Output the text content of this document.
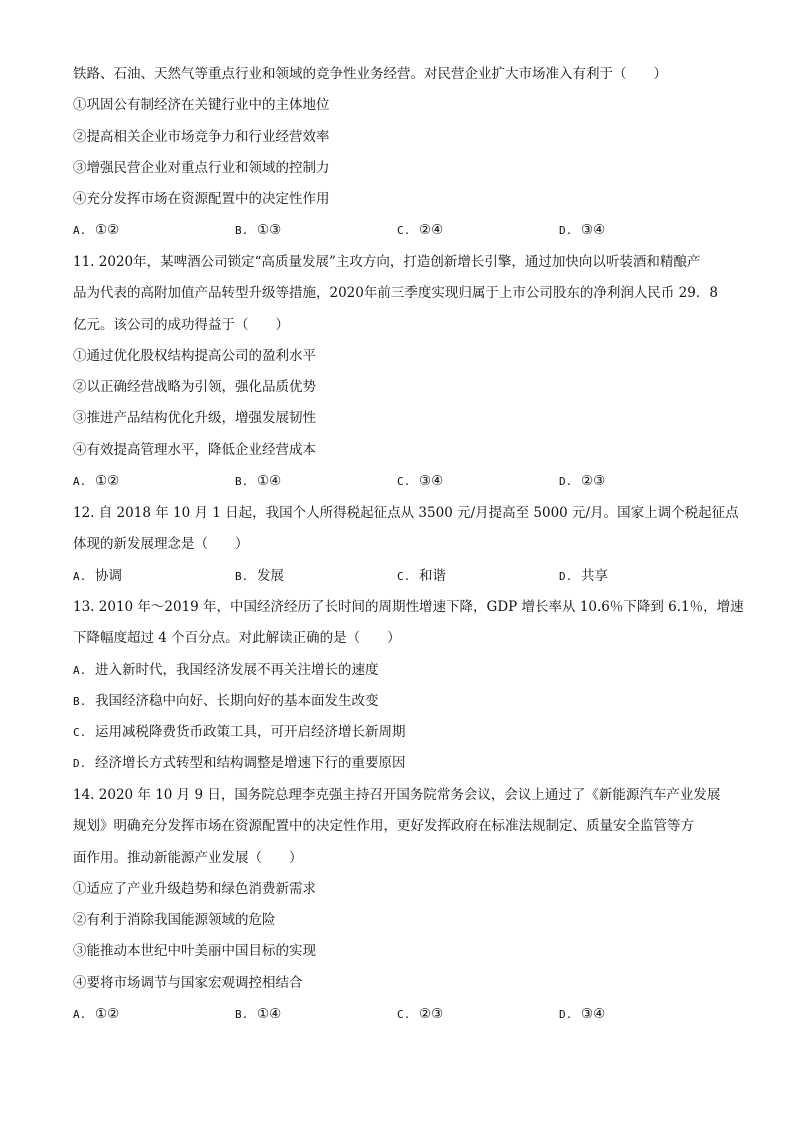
铁路、石油、天然气等重点行业和领域的竞争性业务经营。对民营企业扩大市场准入有利于（　　）
①巩固公有制经济在关键行业中的主体地位
②提高相关企业市场竞争力和行业经营效率
③增强民营企业对重点行业和领域的控制力
④充分发挥市场在资源配置中的决定性作用
A. ①②	B. ①③	C. ②④	D. ③④
11. 2020年，某啤酒公司锁定“高质量发展”主攻方向，打造创新增长引擎，通过加快向以听装酒和精酿产
品为代表的高附加值产品转型升级等措施，2020年前三季度实现归属于上市公司股东的净利润人民币 29．8
亿元。该公司的成功得益于（　　）
①通过优化股权结构提高公司的盈利水平
②以正确经营战略为引领，强化品质优势
③推进产品结构优化升级，增强发展韧性
④有效提高管理水平，降低企业经营成本
A. ①②	B. ①④	C. ③④	D. ②③
12. 自 2018 年 10 月 1 日起，我国个人所得税起征点从 3500 元/月提高至 5000 元/月。国家上调个税起征点
体现的新发展理念是（　　）
A. 协调	B. 发展	C. 和谐	D. 共享
13. 2010 年～2019 年，中国经济经历了长时间的周期性增速下降，GDP 增长率从 10.6％下降到 6.1％，增速
下降幅度超过 4 个百分点。对此解读正确的是（　　）
A. 进入新时代，我国经济发展不再关注增长的速度
B. 我国经济稳中向好、长期向好的基本面发生改变
C. 运用减税降费货币政策工具，可开启经济增长新周期
D. 经济增长方式转型和结构调整是增速下行的重要原因
14. 2020 年 10 月 9 日，国务院总理李克强主持召开国务院常务会议，会议上通过了《新能源汽车产业发展
规划》明确充分发挥市场在资源配置中的决定性作用，更好发挥政府在标准法规制定、质量安全监管等方
面作用。推动新能源产业发展（　　）
①适应了产业升级趋势和绿色消费新需求
②有利于消除我国能源领域的危险
③能推动本世纪中叶美丽中国目标的实现
④要将市场调节与国家宏观调控相结合
A. ①②	B. ①④	C. ②③	D. ③④
